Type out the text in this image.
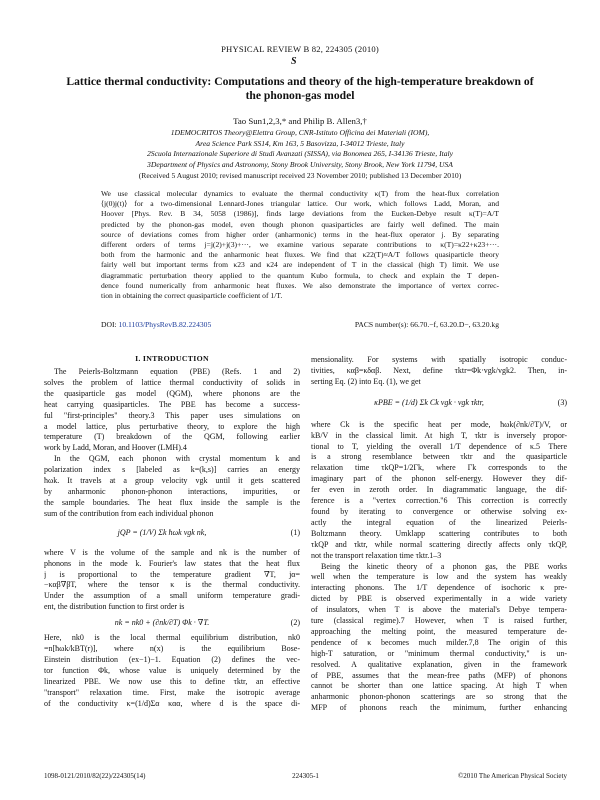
PHYSICAL REVIEW B 82, 224305 (2010)
S
Lattice thermal conductivity: Computations and theory of the high-temperature breakdown of the phonon-gas model
Tao Sun1,2,3,* and Philip B. Allen3,†
1DEMOCRITOS Theory@Elettra Group, CNR-Istituto Officina dei Materiali (IOM),
Area Science Park SS14, Km 163, 5 Basovizza, I-34012 Trieste, Italy
2Scuola Internazionale Superiore di Studi Avanzati (SISSA), via Bonomea 265, I-34136 Trieste, Italy
3Department of Physics and Astronomy, Stony Brook University, Stony Brook, New York 11794, USA
(Received 5 August 2010; revised manuscript received 23 November 2010; published 13 December 2010)
We use classical molecular dynamics to evaluate the thermal conductivity κ(T) from the heat-flux correlation
⟨j(0)j(t)⟩ for a two-dimensional Lennard-Jones triangular lattice. Our work, which follows Ladd, Moran, and
Hoover [Phys. Rev. B 34, 5058 (1986)], finds large deviations from the Eucken-Debye result κ(T)=A/T
predicted by the phonon-gas model, even though phonon quasiparticles are fairly well defined. The main
source of deviations comes from higher order (anharmonic) terms in the heat-flux operator j. By separating
different orders of terms j=j(2)+j(3)+···, we examine various separate contributions to κ(T)=κ22+κ23+···.
both from the harmonic and the anharmonic heat fluxes. We find that κ22(T)≈A/T follows quasiparticle theory
fairly well but important terms from κ23 and κ24 are independent of T in the classical (high T) limit. We use
diagrammatic perturbation theory applied to the quantum Kubo formula, to check and explain the T depen-
dence found numerically from anharmonic heat fluxes. We also demonstrate the importance of vertex correc-
tion in obtaining the correct quasiparticle coefficient of 1/T.
DOI: 10.1103/PhysRevB.82.224305	PACS number(s): 66.70.−f, 63.20.D−, 63.20.kg
I. INTRODUCTION
The Peierls-Boltzmann equation (PBE) (Refs. 1 and 2)
solves the problem of lattice thermal conductivity of solids in
the quasiparticle gas model (QGM), where phonons are the
heat carrying quasiparticles. The PBE has become a success-
ful "first-principles" theory.3 This paper uses simulations on
a model lattice, plus perturbative theory, to explore the high
temperature (T) breakdown of the QGM, following earlier
work by Ladd, Moran, and Hoover (LMH).4
In the QGM, each phonon with crystal momentum k and
polarization index s [labeled as k=(k,s)] carries an energy
ħωk. It travels at a group velocity vgk until it gets scattered
by anharmonic phonon-phonon interactions, impurities, or
the sample boundaries. The heat flux inside the sample is the
sum of the contribution from each individual phonon
jQP = (1/V) Σk ħωk vgk nk,	(1)
where V is the volume of the sample and nk is the number of
phonons in the mode k. Fourier's law states that the heat flux
j is proportional to the temperature gradient ∇T, jα=
−καβ∇βT, where the tensor κ is the thermal conductivity.
Under the assumption of a small uniform temperature gradi-
ent, the distribution function to first order is
nk = nk0 + (∂nk/∂T) Φk · ∇T.	(2)
Here, nk0 is the local thermal equilibrium distribution, nk0
=n[ħωk/kBT(r)], where n(x) is the equilibrium Bose-
Einstein distribution (ex−1)−1. Equation (2) defines the vec-
tor function Φk, whose value is uniquely determined by the
linearized PBE. We now use this to define τktr, an effective
"transport" relaxation time. First, make the isotropic average
of the conductivity κ=(1/d)Σα καα, where d is the space di-
mensionality. For systems with spatially isotropic conduc-
tivities, καβ=κδαβ. Next, define τktr=Φk·vgk/vgk2. Then, in-
serting Eq. (2) into Eq. (1), we get
κPBE = (1/d) Σk Ck vgk · vgk τktr,	(3)
where Ck is the specific heat per mode, ħωk(∂nk/∂T)/V, or
kB/V in the classical limit. At high T, τktr is inversely propor-
tional to T, yielding the overall 1/T dependence of κ.5 There
is a strong resemblance between τktr and the quasiparticle
relaxation time τkQP=1/2Γk, where Γk corresponds to the
imaginary part of the phonon self-energy. However they dif-
fer even in zeroth order. In diagrammatic language, the dif-
ference is a "vertex correction."6 This correction is correctly
found by iterating to convergence or otherwise solving ex-
actly the integral equation of the linearized Peierls-
Boltzmann theory. Umklapp scattering contributes to both
τkQP and τktr, while normal scattering directly affects only τkQP,
not the transport relaxation time τktr.1–3
Being the kinetic theory of a phonon gas, the PBE works
well when the temperature is low and the system has weakly
interacting phonons. The 1/T dependence of isochoric κ pre-
dicted by PBE is observed experimentally in a wide variety
of insulators, when T is above the material's Debye tempera-
ture (classical regime).7 However, when T is raised further,
approaching the melting point, the measured temperature de-
pendence of κ becomes much milder.7,8 The origin of this
high-T saturation, or "minimum thermal conductivity," is un-
resolved. A qualitative explanation, given in the framework
of PBE, assumes that the mean-free paths (MFP) of phonons
cannot be shorter than one lattice spacing. At high T when
anharmonic phonon-phonon scatterings are so strong that the
MFP of phonons reach the minimum, further enhancing
1098-0121/2010/82(22)/224305(14)	224305-1	©2010 The American Physical Society
